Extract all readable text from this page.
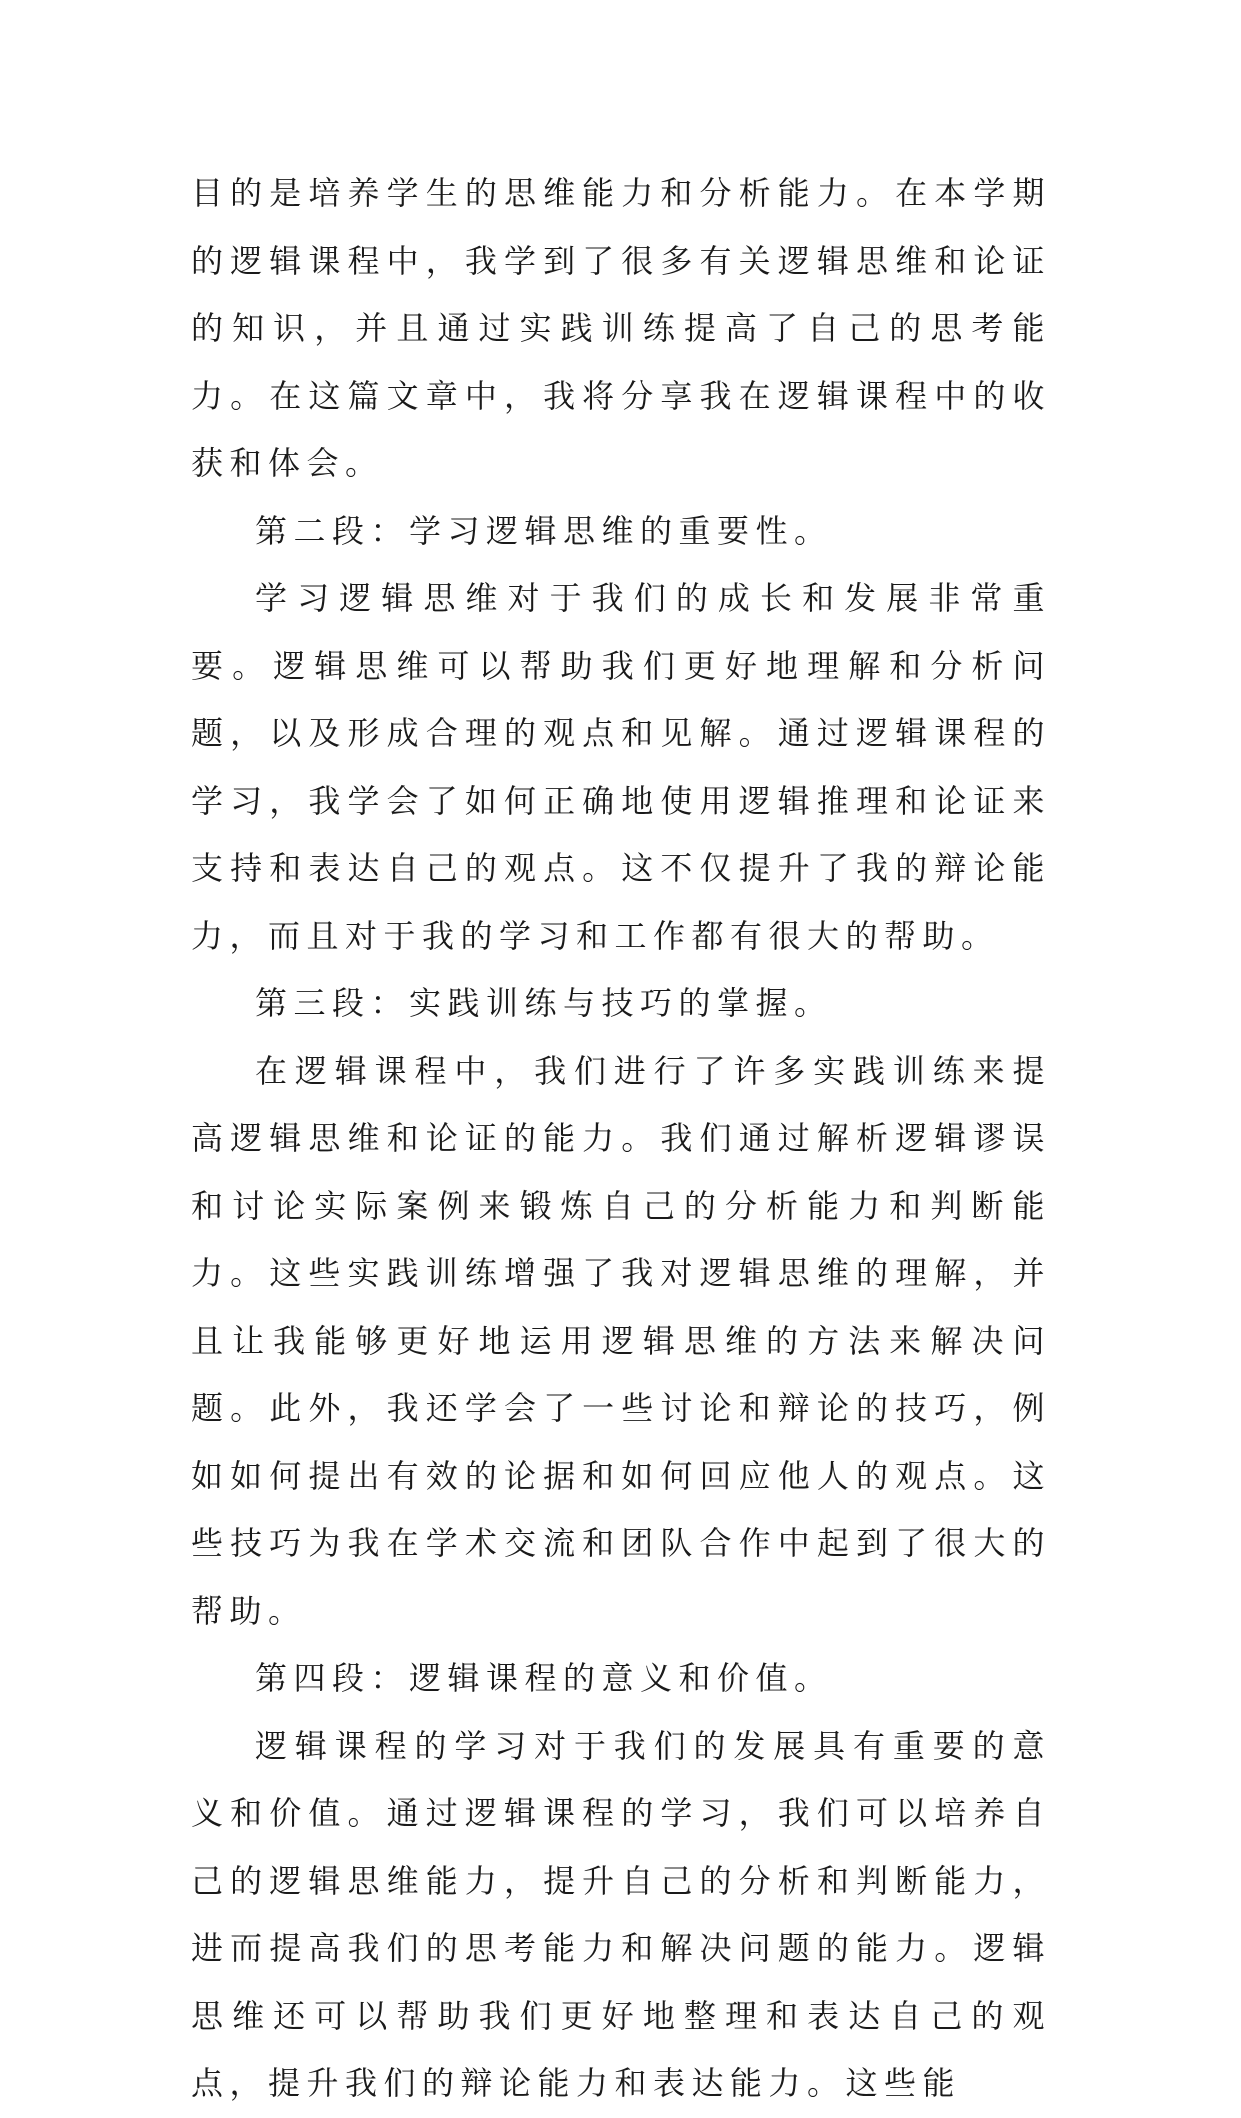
目的是培养学生的思维能力和分析能力。在本学期的逻辑课程中，我学到了很多有关逻辑思维和论证的知识，并且通过实践训练提高了自己的思考能力。在这篇文章中，我将分享我在逻辑课程中的收获和体会。

第二段：学习逻辑思维的重要性。

学习逻辑思维对于我们的成长和发展非常重要。逻辑思维可以帮助我们更好地理解和分析问题，以及形成合理的观点和见解。通过逻辑课程的学习，我学会了如何正确地使用逻辑推理和论证来支持和表达自己的观点。这不仅提升了我的辩论能力，而且对于我的学习和工作都有很大的帮助。

第三段：实践训练与技巧的掌握。

在逻辑课程中，我们进行了许多实践训练来提高逻辑思维和论证的能力。我们通过解析逻辑谬误和讨论实际案例来锻炼自己的分析能力和判断能力。这些实践训练增强了我对逻辑思维的理解，并且让我能够更好地运用逻辑思维的方法来解决问题。此外，我还学会了一些讨论和辩论的技巧，例如如何提出有效的论据和如何回应他人的观点。这些技巧为我在学术交流和团队合作中起到了很大的帮助。

第四段：逻辑课程的意义和价值。

逻辑课程的学习对于我们的发展具有重要的意义和价值。通过逻辑课程的学习，我们可以培养自己的逻辑思维能力，提升自己的分析和判断能力，进而提高我们的思考能力和解决问题的能力。逻辑思维还可以帮助我们更好地整理和表达自己的观点，提升我们的辩论能力和表达能力。这些能
